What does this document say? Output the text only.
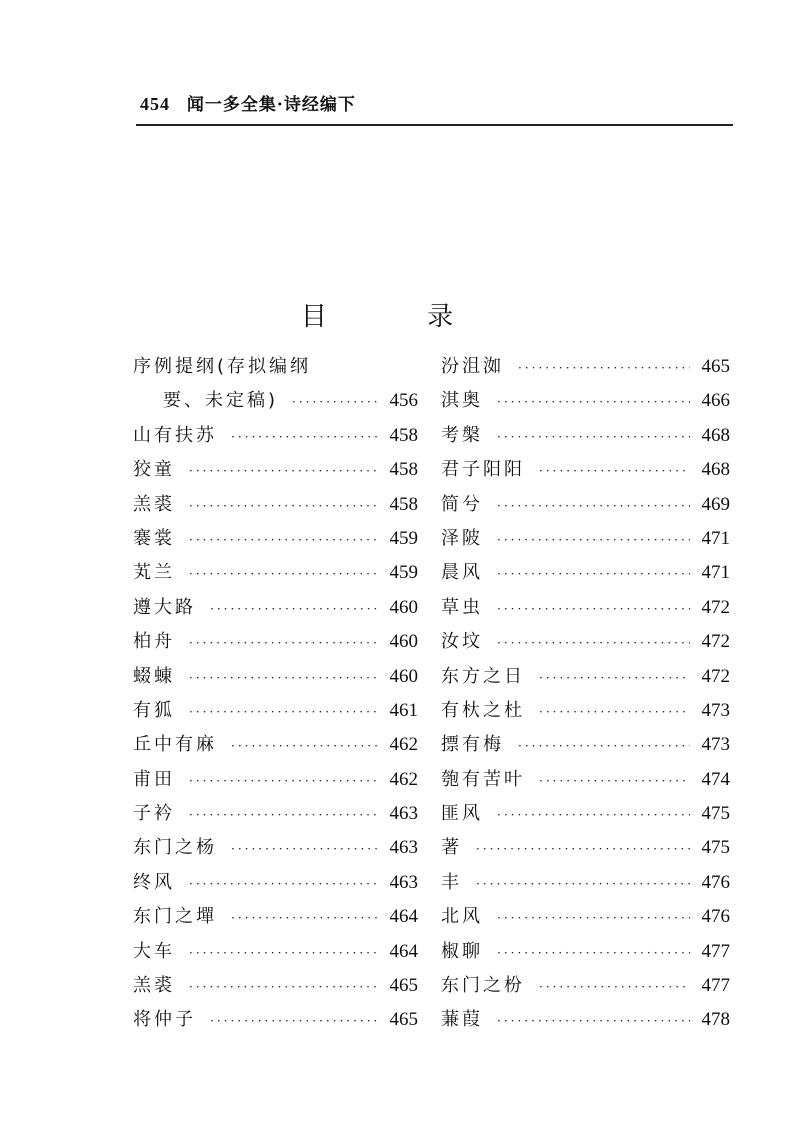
454 闻一多全集·诗经编下
目 录
序例提纲(存拟编纲
要、未定稿) ·····	456
山有扶苏 ·····	458
狡童 ·····	458
羔裘 ·····	458
褰裳 ·····	459
芄兰 ·····	459
遵大路 ·····	460
柏舟 ·····	460
蝃蝀 ·····	460
有狐 ·····	461
丘中有麻 ·····	462
甫田 ·····	462
子衿 ·····	463
东门之杨 ·····	463
终风 ·····	463
东门之墠 ·····	464
大车 ·····	464
羔裘 ·····	465
将仲子 ·····	465
汾沮洳 ·····	465
淇奥 ·····	466
考槃 ·····	468
君子阳阳 ·····	468
简兮 ·····	469
泽陂 ·····	471
晨风 ·····	471
草虫 ·····	472
汝坟 ·····	472
东方之日 ·····	472
有杕之杜 ·····	473
摽有梅 ·····	473
匏有苦叶 ·····	474
匪风 ·····	475
著 ·····	475
丰 ·····	476
北风 ·····	476
椒聊 ·····	477
东门之枌 ·····	477
蒹葭 ·····	478
